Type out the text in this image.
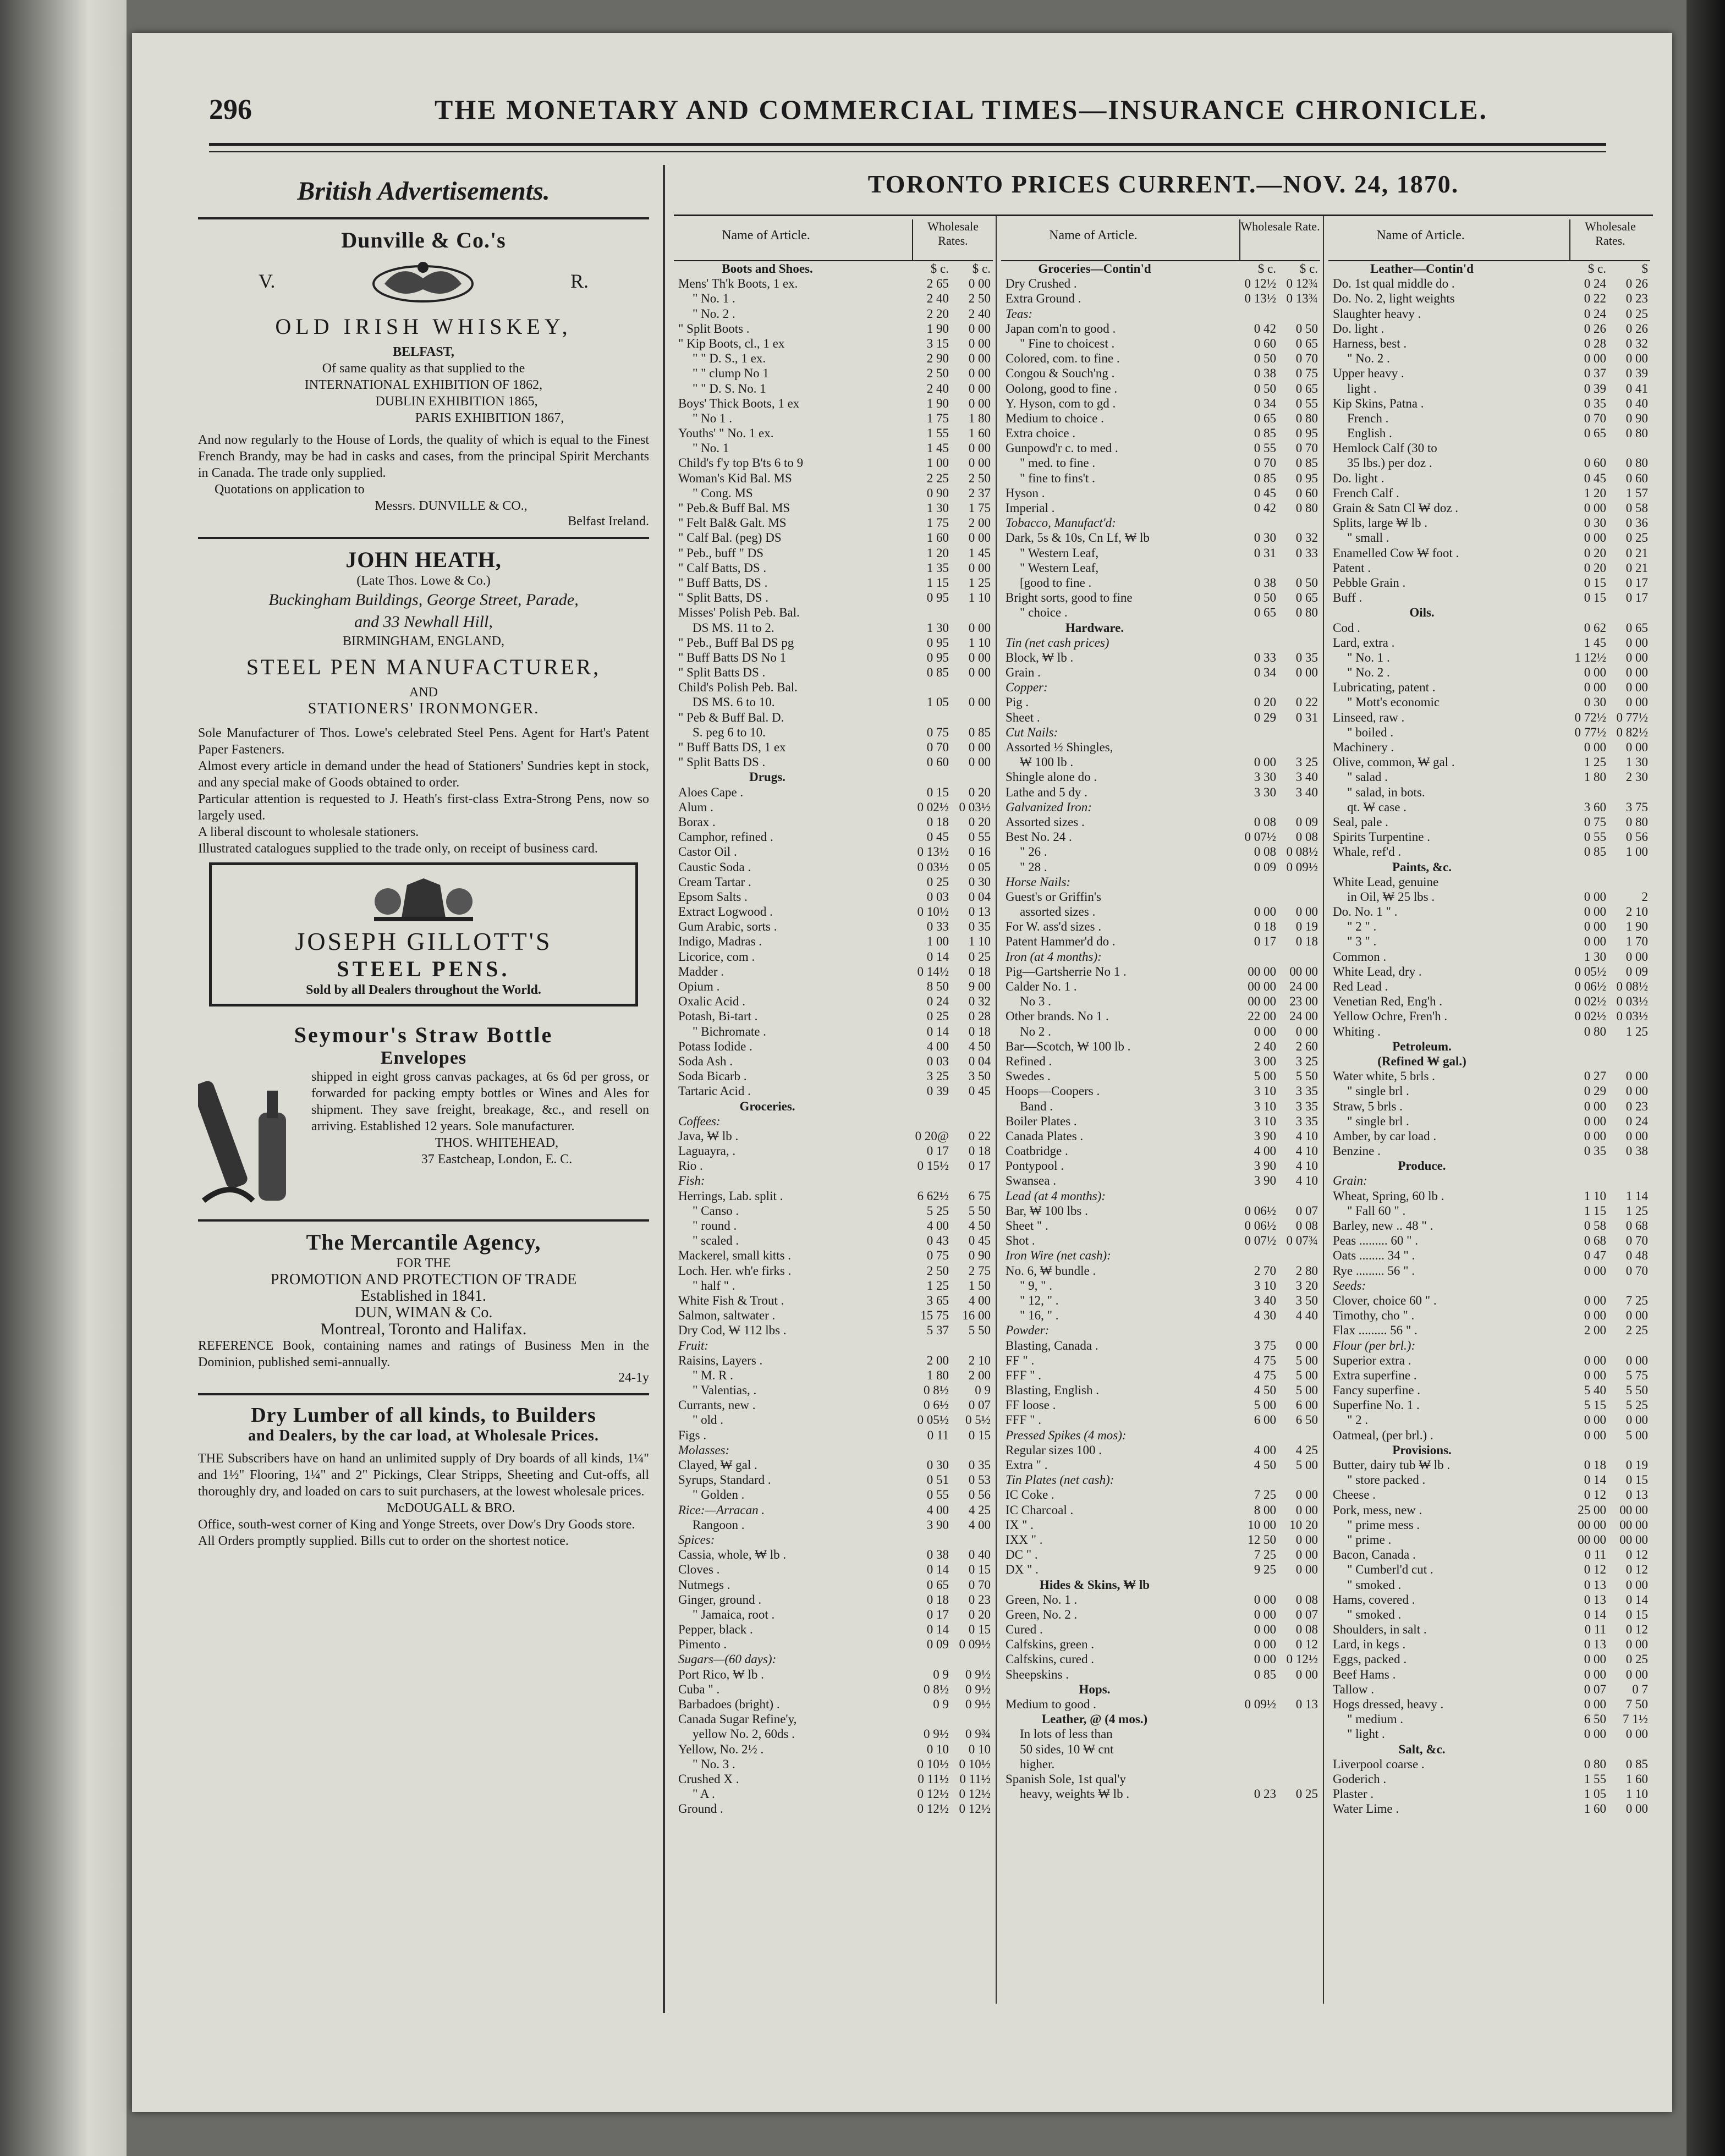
296	THE MONETARY AND COMMERCIAL TIMES—INSURANCE CHRONICLE.
British Advertisements.
Dunville & Co.'s
V.	R.
OLD IRISH WHISKEY,
BELFAST,
Of same quality as that supplied to the
INTERNATIONAL EXHIBITION OF 1862,
DUBLIN EXHIBITION 1865,
PARIS EXHIBITION 1867,
And now regularly to the House of Lords, the quality of which is equal to the Finest French Brandy, may be had in casks and cases, from the principal Spirit Merchants in Canada. The trade only supplied.
Quotations on application to
Messrs. DUNVILLE & CO.,
Belfast Ireland.
JOHN HEATH,
(Late Thos. Lowe & Co.)
Buckingham Buildings, George Street, Parade,
and 33 Newhall Hill,
BIRMINGHAM, ENGLAND,
STEEL PEN MANUFACTURER,
AND
STATIONERS' IRONMONGER.
Sole Manufacturer of Thos. Lowe's celebrated Steel Pens. Agent for Hart's Patent Paper Fasteners.
Almost every article in demand under the head of Stationers' Sundries kept in stock, and any special make of Goods obtained to order.
Particular attention is requested to J. Heath's first-class Extra-Strong Pens, now so largely used.
A liberal discount to wholesale stationers.
Illustrated catalogues supplied to the trade only, on receipt of business card.
JOSEPH GILLOTT'S
STEEL PENS.
Sold by all Dealers throughout the World.
Seymour's Straw Bottle
Envelopes
shipped in eight gross canvas packages, at 6s 6d per gross, or forwarded for packing empty bottles or Wines and Ales for shipment. They save freight, breakage, &c., and resell on arriving. Established 12 years. Sole manufacturer.
THOS. WHITEHEAD,
37 Eastcheap, London, E. C.
The Mercantile Agency,
FOR THE
PROMOTION AND PROTECTION OF TRADE
Established in 1841.
DUN, WIMAN & Co.
Montreal, Toronto and Halifax.
REFERENCE Book, containing names and ratings of Business Men in the Dominion, published semi-annually.
24-1y
Dry Lumber of all kinds, to Builders
and Dealers, by the car load, at Wholesale Prices.
THE Subscribers have on hand an unlimited supply of Dry boards of all kinds, 1¼" and 1½" Flooring, 1¼" and 2" Pickings, Clear Stripps, Sheeting and Cut-offs, all thoroughly dry, and loaded on cars to suit purchasers, at the lowest wholesale prices.
McDOUGALL & BRO.
Office, south-west corner of King and Yonge Streets, over Dow's Dry Goods store.
All Orders promptly supplied. Bills cut to order on the shortest notice.
TORONTO PRICES CURRENT.—NOV. 24, 1870.
Name of Article.
Wholesale Rates.
Boots and Shoes.	$ c.	$ c.
Mens' Th'k Boots, 1 ex.	2 65	0 00
" No. 1 .	2 40	2 50
" No. 2 .	2 20	2 40
" Split Boots .	1 90	0 00
" Kip Boots, cl., 1 ex	3 15	0 00
" " D. S., 1 ex.	2 90	0 00
" " clump No 1	2 50	0 00
" " D. S. No. 1	2 40	0 00
Boys' Thick Boots, 1 ex	1 90	0 00
" No 1 .	1 75	1 80
Youths' " No. 1 ex.	1 55	1 60
" No. 1	1 45	0 00
Child's f'y top B'ts 6 to 9	1 00	0 00
Woman's Kid Bal. MS	2 25	2 50
" Cong. MS	0 90	2 37
" Peb.& Buff Bal. MS	1 30	1 75
" Felt Bal& Galt. MS	1 75	2 00
" Calf Bal. (peg) DS	1 60	0 00
" Peb., buff " DS	1 20	1 45
" Calf Batts, DS .	1 35	0 00
" Buff Batts, DS .	1 15	1 25
" Split Batts, DS .	0 95	1 10
Misses' Polish Peb. Bal.
DS MS. 11 to 2.	1 30	0 00
" Peb., Buff Bal DS pg	0 95	1 10
" Buff Batts DS No 1	0 95	0 00
" Split Batts DS .	0 85	0 00
Child's Polish Peb. Bal.
DS MS. 6 to 10.	1 05	0 00
" Peb & Buff Bal. D.
S. peg 6 to 10.	0 75	0 85
" Buff Batts DS, 1 ex	0 70	0 00
" Split Batts DS .	0 60	0 00
Drugs.
Aloes Cape .	0 15	0 20
Alum .	0 02½ 0 03½
Borax .	0 18	0 20
Camphor, refined .	0 45	0 55
Castor Oil .	0 13½	0 16
Caustic Soda .	0 03½	0 05
Cream Tartar .	0 25	0 30
Epsom Salts .	0 03	0 04
Extract Logwood .	0 10½	0 13
Gum Arabic, sorts .	0 33	0 35
Indigo, Madras .	1 00	1 10
Licorice, com .	0 14	0 25
Madder .	0 14½	0 18
Opium .	8 50	9 00
Oxalic Acid .	0 24	0 32
Potash, Bi-tart .	0 25	0 28
" Bichromate .	0 14	0 18
Potass Iodide .	4 00	4 50
Soda Ash .	0 03	0 04
Soda Bicarb .	3 25	3 50
Tartaric Acid .	0 39	0 45
Groceries.
Coffees:
Java, ₩ lb .	0 20@	0 22
Laguayra, .	0 17	0 18
Rio .	0 15½	0 17
Fish:
Herrings, Lab. split .	6 62½	6 75
" Canso .	5 25	5 50
" round .	4 00	4 50
" scaled .	0 43	0 45
Mackerel, small kitts .	0 75	0 90
Loch. Her. wh'e firks .	2 50	2 75
" half " .	1 25	1 50
White Fish & Trout .	3 65	4 00
Salmon, saltwater .	15 75	16 00
Dry Cod, ₩ 112 lbs .	5 37	5 50
Fruit:
Raisins, Layers .	2 00	2 10
" M. R .	1 80	2 00
" Valentias, .	0 8½	0 9
Currants, new .	0 6½	0 07
" old .	0 05½	0 5½
Figs .	0 11	0 15
Molasses:
Clayed, ₩ gal .	0 30	0 35
Syrups, Standard .	0 51	0 53
" Golden .	0 55	0 56
Rice:—Arracan .	4 00	4 25
Rangoon .	3 90	4 00
Spices:
Cassia, whole, ₩ lb .	0 38	0 40
Cloves .	0 14	0 15
Nutmegs .	0 65	0 70
Ginger, ground .	0 18	0 23
" Jamaica, root .	0 17	0 20
Pepper, black .	0 14	0 15
Pimento .	0 09 0 09½
Sugars—(60 days):
Port Rico, ₩ lb .	0 9	0 9½
Cuba " .	0 8½	0 9½
Barbadoes (bright) .	0 9	0 9½
Canada Sugar Refine'y,
yellow No. 2, 60ds .	0 9½	0 9¾
Yellow, No. 2½ .	0 10	0 10
" No. 3 .	0 10½ 0 10½
Crushed X .	0 11½ 0 11½
" A .	0 12½ 0 12½
Ground .	0 12½ 0 12½
Name of Article.
Wholesale Rate.
Groceries—Contin'd	$ c.	$ c.
Dry Crushed .	0 12½ 0 12¾
Extra Ground .	0 13½ 0 13¾
Teas:
Japan com'n to good .	0 42	0 50
" Fine to choicest .	0 60	0 65
Colored, com. to fine .	0 50	0 70
Congou & Souch'ng .	0 38	0 75
Oolong, good to fine .	0 50	0 65
Y. Hyson, com to gd .	0 34	0 55
Medium to choice .	0 65	0 80
Extra choice .	0 85	0 95
Gunpowd'r c. to med .	0 55	0 70
" med. to fine .	0 70	0 85
" fine to fins't .	0 85	0 95
Hyson .	0 45	0 60
Imperial .	0 42	0 80
Tobacco, Manufact'd:
Dark, 5s & 10s, Cn Lf, ₩ lb	0 30	0 32
" Western Leaf,	0 31	0 33
" Western Leaf,
[good to fine .	0 38	0 50
Bright sorts, good to fine	0 50	0 65
" choice .	0 65	0 80
Hardware.
Tin (net cash prices)
Block, ₩ lb .	0 33	0 35
Grain .	0 34	0 00
Copper:
Pig .	0 20	0 22
Sheet .	0 29	0 31
Cut Nails:
Assorted ½ Shingles,
₩ 100 lb .	0 00	3 25
Shingle alone do .	3 30	3 40
Lathe and 5 dy .	3 30	3 40
Galvanized Iron:
Assorted sizes .	0 08	0 09
Best No. 24 .	0 07½	0 08
" 26 .	0 08 0 08½
" 28 .	0 09 0 09½
Horse Nails:
Guest's or Griffin's
assorted sizes .	0 00	0 00
For W. ass'd sizes .	0 18	0 19
Patent Hammer'd do .	0 17	0 18
Iron (at 4 months):
Pig—Gartsherrie No 1 .	00 00	00 00
Calder No. 1 .	00 00	24 00
No 3 .	00 00	23 00
Other brands. No 1 .	22 00	24 00
No 2 .	0 00	0 00
Bar—Scotch, ₩ 100 lb .	2 40	2 60
Refined .	3 00	3 25
Swedes .	5 00	5 50
Hoops—Coopers .	3 10	3 35
Band .	3 10	3 35
Boiler Plates .	3 10	3 35
Canada Plates .	3 90	4 10
Coatbridge .	4 00	4 10
Pontypool .	3 90	4 10
Swansea .	3 90	4 10
Lead (at 4 months):
Bar, ₩ 100 lbs .	0 06½	0 07
Sheet " .	0 06½	0 08
Shot .	0 07½ 0 07¾
Iron Wire (net cash):
No. 6, ₩ bundle .	2 70	2 80
" 9, " .	3 10	3 20
" 12, " .	3 40	3 50
" 16, " .	4 30	4 40
Powder:
Blasting, Canada .	3 75	0 00
FF " .	4 75	5 00
FFF " .	4 75	5 00
Blasting, English .	4 50	5 00
FF loose .	5 00	6 00
FFF " .	6 00	6 50
Pressed Spikes (4 mos):
Regular sizes 100 .	4 00	4 25
Extra " .	4 50	5 00
Tin Plates (net cash):
IC Coke .	7 25	0 00
IC Charcoal .	8 00	0 00
IX " .	10 00	10 20
IXX " .	12 50	0 00
DC " .	7 25	0 00
DX " .	9 25	0 00
Hides & Skins, ₩ lb
Green, No. 1 .	0 00	0 08
Green, No. 2 .	0 00	0 07
Cured .	0 00	0 08
Calfskins, green .	0 00	0 12
Calfskins, cured .	0 00 0 12½
Sheepskins .	0 85	0 00
Hops.
Medium to good .	0 09½	0 13
Leather, @ (4 mos.)
In lots of less than
50 sides, 10 ₩ cnt
higher.
Spanish Sole, 1st qual'y
heavy, weights ₩ lb .	0 23	0 25
Name of Article.
Wholesale Rates.
Leather—Contin'd	$ c.	$
Do. 1st qual middle do .	0 24	0 26
Do. No. 2, light weights	0 22	0 23
Slaughter heavy .	0 24	0 25
Do. light .	0 26	0 26
Harness, best .	0 28	0 32
" No. 2 .	0 00	0 00
Upper heavy .	0 37	0 39
light .	0 39	0 41
Kip Skins, Patna .	0 35	0 40
French .	0 70	0 90
English .	0 65	0 80
Hemlock Calf (30 to
35 lbs.) per doz .	0 60	0 80
Do. light .	0 45	0 60
French Calf .	1 20	1 57
Grain & Satn Cl ₩ doz .	0 00	0 58
Splits, large ₩ lb .	0 30	0 36
" small .	0 00	0 25
Enamelled Cow ₩ foot .	0 20	0 21
Patent .	0 20	0 21
Pebble Grain .	0 15	0 17
Buff .	0 15	0 17
Oils.
Cod .	0 62	0 65
Lard, extra .	1 45	0 00
" No. 1 .	1 12½	0 00
" No. 2 .	0 00	0 00
Lubricating, patent .	0 00	0 00
" Mott's economic	0 30	0 00
Linseed, raw .	0 72½ 0 77½
" boiled .	0 77½ 0 82½
Machinery .	0 00	0 00
Olive, common, ₩ gal .	1 25	1 30
" salad .	1 80	2 30
" salad, in bots.
qt. ₩ case .	3 60	3 75
Seal, pale .	0 75	0 80
Spirits Turpentine .	0 55	0 56
Whale, ref'd .	0 85	1 00
Paints, &c.
White Lead, genuine
in Oil, ₩ 25 lbs .	0 00	2
Do. No. 1 " .	0 00	2 10
" 2 " .	0 00	1 90
" 3 " .	0 00	1 70
Common .	1 30	0 00
White Lead, dry .	0 05½	0 09
Red Lead .	0 06½ 0 08½
Venetian Red, Eng'h .	0 02½ 0 03½
Yellow Ochre, Fren'h .	0 02½ 0 03½
Whiting .	0 80	1 25
Petroleum.
(Refined ₩ gal.)
Water white, 5 brls .	0 27	0 00
" single brl .	0 29	0 00
Straw, 5 brls .	0 00	0 23
" single brl .	0 00	0 24
Amber, by car load .	0 00	0 00
Benzine .	0 35	0 38
Produce.
Grain:
Wheat, Spring, 60 lb .	1 10	1 14
" Fall 60 " .	1 15	1 25
Barley, new .. 48 " .	0 58	0 68
Peas ......... 60 " .	0 68	0 70
Oats ........ 34 " .	0 47	0 48
Rye ......... 56 " .	0 00	0 70
Seeds:
Clover, choice 60 " .	0 00	7 25
Timothy, cho " .	0 00	0 00
Flax ......... 56 " .	2 00	2 25
Flour (per brl.):
Superior extra .	0 00	0 00
Extra superfine .	0 00	5 75
Fancy superfine .	5 40	5 50
Superfine No. 1 .	5 15	5 25
" 2 .	0 00	0 00
Oatmeal, (per brl.) .	0 00	5 00
Provisions.
Butter, dairy tub ₩ lb .	0 18	0 19
" store packed .	0 14	0 15
Cheese .	0 12	0 13
Pork, mess, new .	25 00	00 00
" prime mess .	00 00	00 00
" prime .	00 00	00 00
Bacon, Canada .	0 11	0 12
" Cumberl'd cut .	0 12	0 12
" smoked .	0 13	0 00
Hams, covered .	0 13	0 14
" smoked .	0 14	0 15
Shoulders, in salt .	0 11	0 12
Lard, in kegs .	0 13	0 00
Eggs, packed .	0 00	0 25
Beef Hams .	0 00	0 00
Tallow .	0 07	0 7
Hogs dressed, heavy .	0 00	7 50
" medium .	6 50	7 1½
" light .	0 00	0 00
Salt, &c.
Liverpool coarse .	0 80	0 85
Goderich .	1 55	1 60
Plaster .	1 05	1 10
Water Lime .	1 60	0 00
